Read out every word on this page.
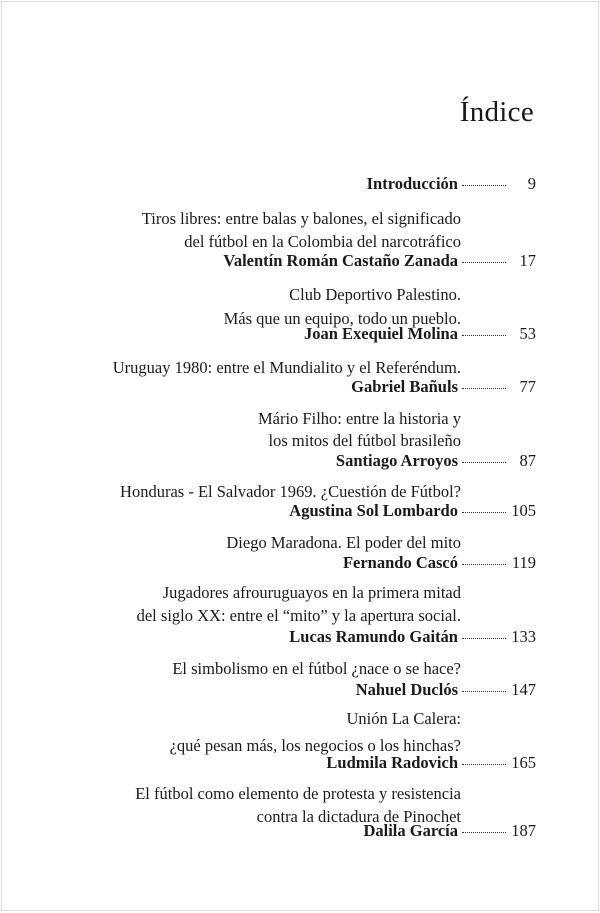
Índice
Introducción	9
Tiros libres: entre balas y balones, el significado
del fútbol en la Colombia del narcotráfico
Valentín Román Castaño Zanada	17
Club Deportivo Palestino.
Más que un equipo, todo un pueblo.
Joan Exequiel Molina	53
Uruguay 1980: entre el Mundialito y el Referéndum.
Gabriel Bañuls	77
Mário Filho: entre la historia y
los mitos del fútbol brasileño
Santiago Arroyos	87
Honduras - El Salvador 1969. ¿Cuestión de Fútbol?
Agustina Sol Lombardo	105
Diego Maradona. El poder del mito
Fernando Cascó	119
Jugadores afrouruguayos en la primera mitad
del siglo XX: entre el “mito” y la apertura social.
Lucas Ramundo Gaitán	133
El simbolismo en el fútbol ¿nace o se hace?
Nahuel Duclós	147
Unión La Calera:
¿qué pesan más, los negocios o los hinchas?
Ludmila Radovich	165
El fútbol como elemento de protesta y resistencia
contra la dictadura de Pinochet
Dalila García	187
